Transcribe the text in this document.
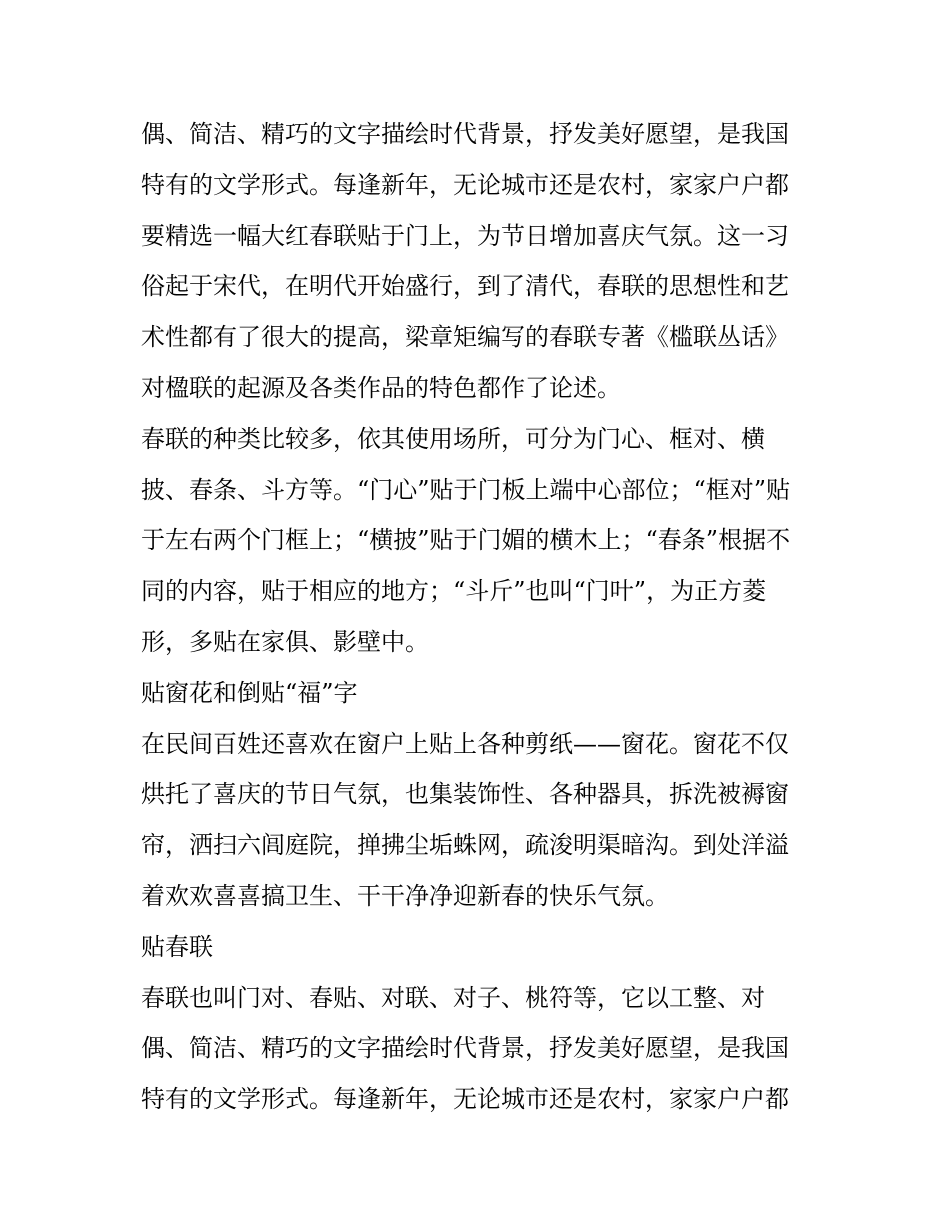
偶、简洁、精巧的文字描绘时代背景，抒发美好愿望，是我国

特有的文学形式。每逢新年，无论城市还是农村，家家户户都

要精选一幅大红春联贴于门上，为节日增加喜庆气氛。这一习

俗起于宋代，在明代开始盛行，到了清代，春联的思想性和艺

术性都有了很大的提高，梁章矩编写的春联专著《槛联丛话》

对楹联的起源及各类作品的特色都作了论述。

春联的种类比较多，依其使用场所，可分为门心、框对、横

披、春条、斗方等。“门心”贴于门板上端中心部位；“框对”贴

于左右两个门框上；“横披”贴于门媚的横木上；“春条”根据不

同的内容，贴于相应的地方；“斗斤”也叫“门叶”，为正方菱

形，多贴在家俱、影壁中。

贴窗花和倒贴“福”字

在民间百姓还喜欢在窗户上贴上各种剪纸——窗花。窗花不仅

烘托了喜庆的节日气氛，也集装饰性、各种器具，拆洗被褥窗

帘，洒扫六闾庭院，掸拂尘垢蛛网，疏浚明渠暗沟。到处洋溢

着欢欢喜喜搞卫生、干干净净迎新春的快乐气氛。

贴春联

春联也叫门对、春贴、对联、对子、桃符等，它以工整、对

偶、简洁、精巧的文字描绘时代背景，抒发美好愿望，是我国

特有的文学形式。每逢新年，无论城市还是农村，家家户户都
